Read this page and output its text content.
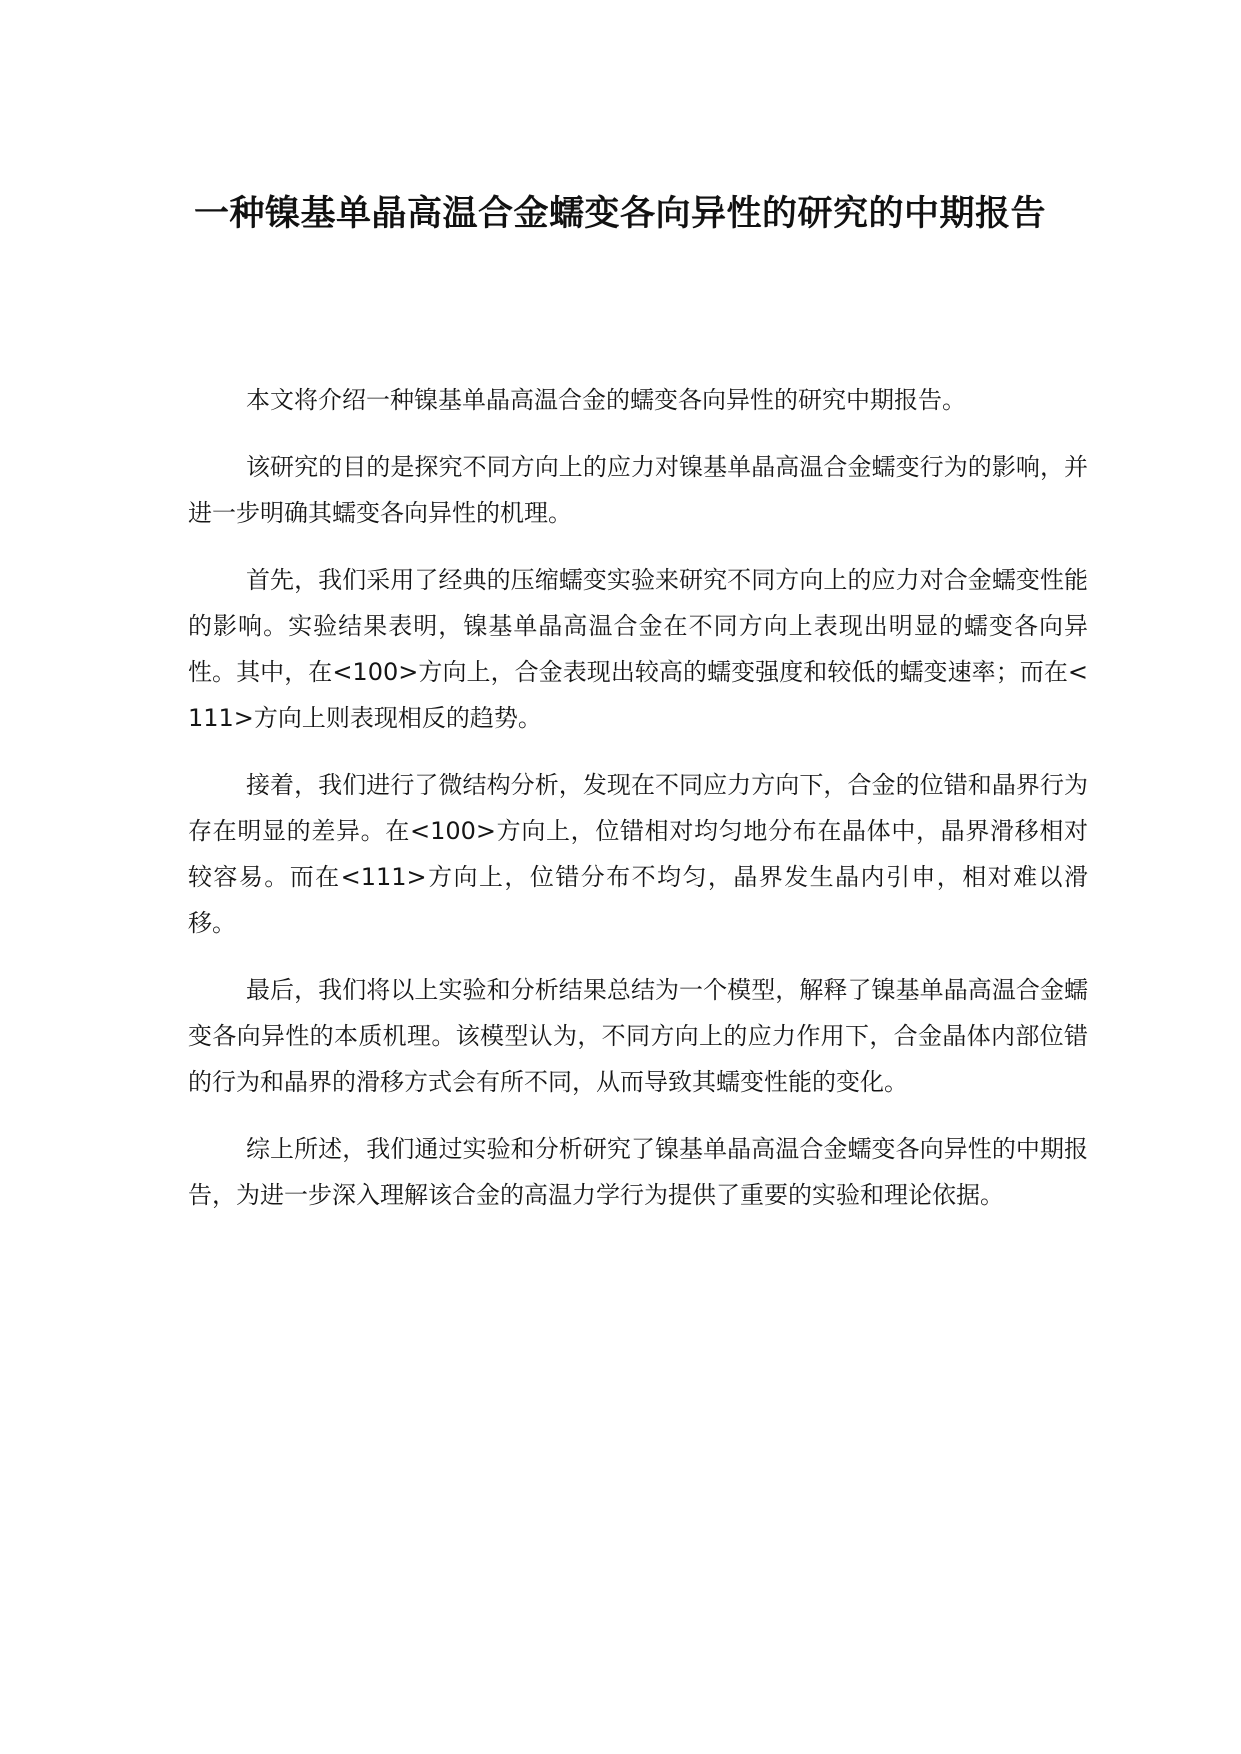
一种镍基单晶高温合金蠕变各向异性的研究的中期报告

本文将介绍一种镍基单晶高温合金的蠕变各向异性的研究中期报告。

该研究的目的是探究不同方向上的应力对镍基单晶高温合金蠕变行为的影响，并进一步明确其蠕变各向异性的机理。

首先，我们采用了经典的压缩蠕变实验来研究不同方向上的应力对合金蠕变性能的影响。实验结果表明，镍基单晶高温合金在不同方向上表现出明显的蠕变各向异性。其中，在<100>方向上，合金表现出较高的蠕变强度和较低的蠕变速率；而在<111>方向上则表现相反的趋势。

接着，我们进行了微结构分析，发现在不同应力方向下，合金的位错和晶界行为存在明显的差异。在<100>方向上，位错相对均匀地分布在晶体中，晶界滑移相对较容易。而在<111>方向上，位错分布不均匀，晶界发生晶内引申，相对难以滑移。

最后，我们将以上实验和分析结果总结为一个模型，解释了镍基单晶高温合金蠕变各向异性的本质机理。该模型认为，不同方向上的应力作用下，合金晶体内部位错的行为和晶界的滑移方式会有所不同，从而导致其蠕变性能的变化。

综上所述，我们通过实验和分析研究了镍基单晶高温合金蠕变各向异性的中期报告，为进一步深入理解该合金的高温力学行为提供了重要的实验和理论依据。
